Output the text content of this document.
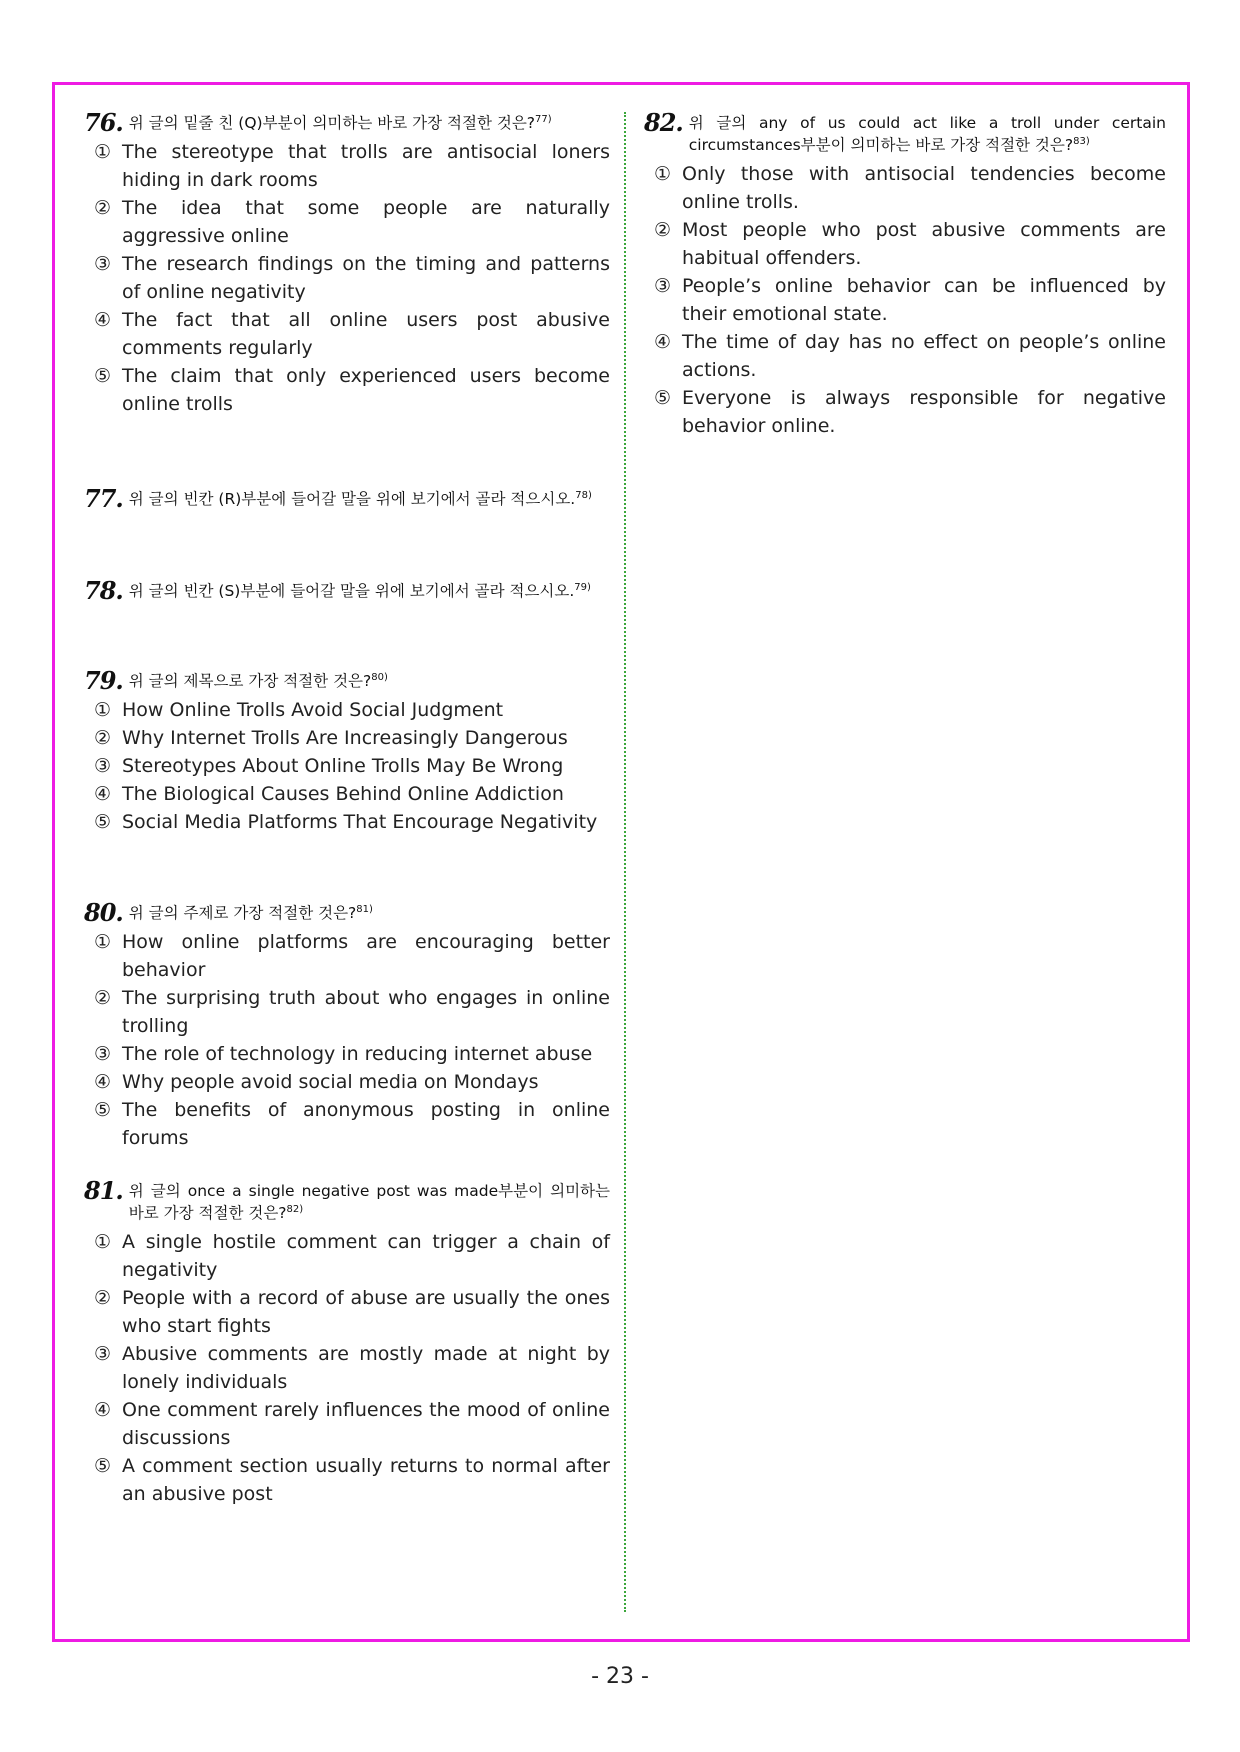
76. 위 글의 밑줄 친 (Q)부분이 의미하는 바로 가장 적절한 것은?$^{77)}$
① The stereotype that trolls are antisocial loners hiding in dark rooms
② The idea that some people are naturally aggressive online
③ The research findings on the timing and patterns of online negativity
④ The fact that all online users post abusive comments regularly
⑤ The claim that only experienced users become online trolls
77. 위 글의 빈칸 (R)부분에 들어갈 말을 위에 보기에서 골라 적으시오.$^{78)}$
78. 위 글의 빈칸 (S)부분에 들어갈 말을 위에 보기에서 골라 적으시오.$^{79)}$
79. 위 글의 제목으로 가장 적절한 것은?$^{80)}$
① How Online Trolls Avoid Social Judgment
② Why Internet Trolls Are Increasingly Dangerous
③ Stereotypes About Online Trolls May Be Wrong
④ The Biological Causes Behind Online Addiction
⑤ Social Media Platforms That Encourage Negativity
80. 위 글의 주제로 가장 적절한 것은?$^{81)}$
① How online platforms are encouraging better behavior
② The surprising truth about who engages in online trolling
③ The role of technology in reducing internet abuse
④ Why people avoid social media on Mondays
⑤ The benefits of anonymous posting in online forums
81. 위 글의 once a single negative post was made부분이 의미하는 바로 가장 적절한 것은?$^{82)}$
① A single hostile comment can trigger a chain of negativity
② People with a record of abuse are usually the ones who start fights
③ Abusive comments are mostly made at night by lonely individuals
④ One comment rarely influences the mood of online discussions
⑤ A comment section usually returns to normal after an abusive post
82. 위 글의 any of us could act like a troll under certain circumstances부분이 의미하는 바로 가장 적절한 것은?$^{83)}$
① Only those with antisocial tendencies become online trolls.
② Most people who post abusive comments are habitual offenders.
③ People’s online behavior can be influenced by their emotional state.
④ The time of day has no effect on people’s online actions.
⑤ Everyone is always responsible for negative behavior online.
- 23 -
